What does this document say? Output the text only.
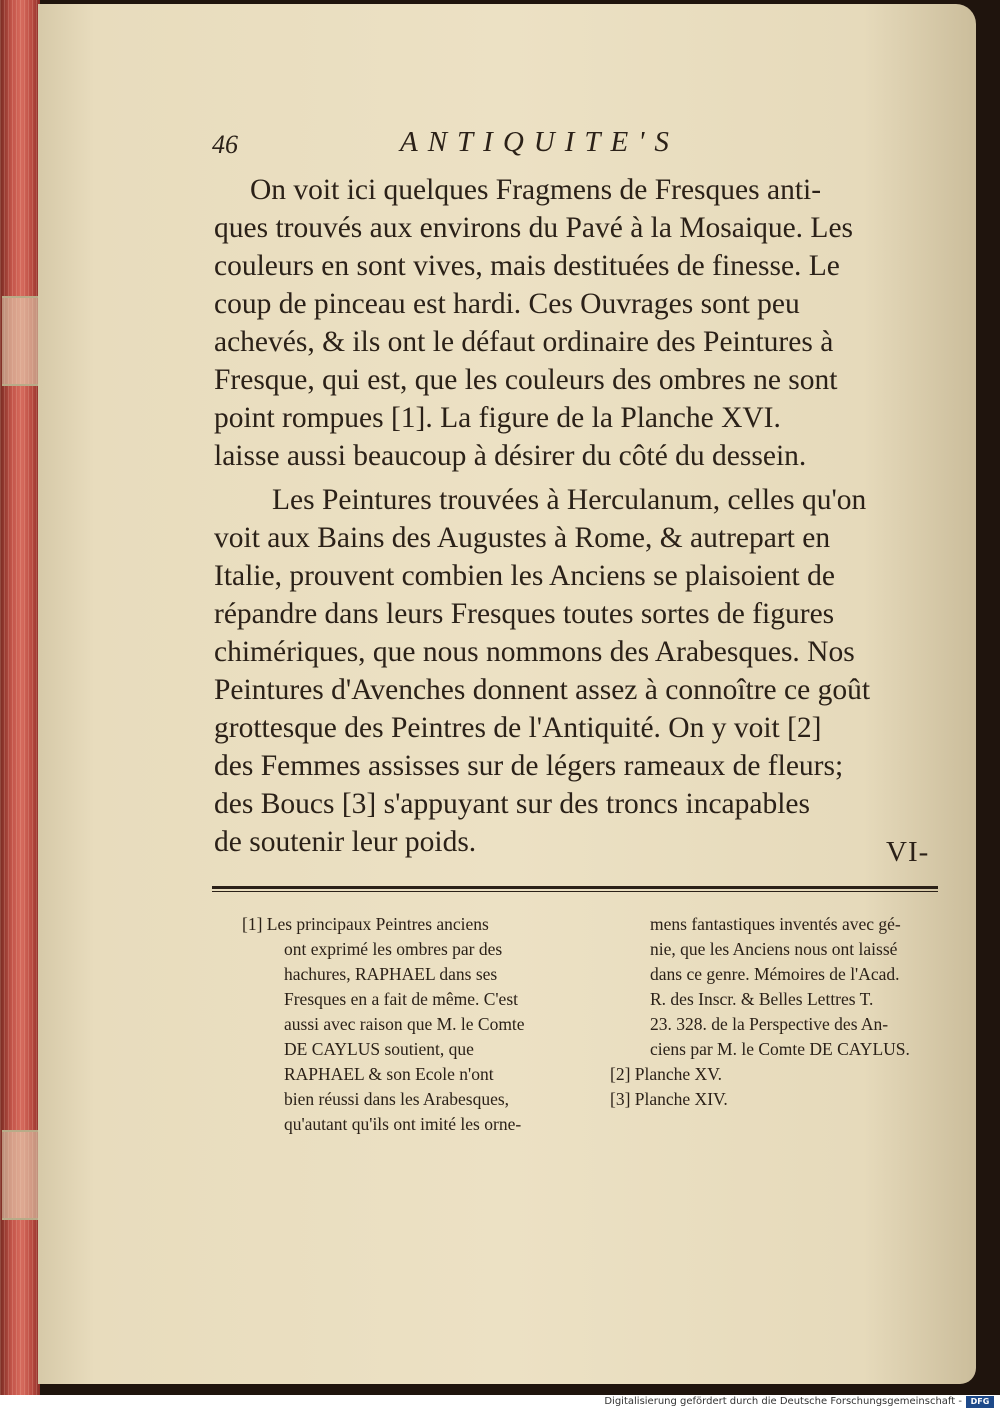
46	ANTIQUITE'S
On voit ici quelques Fragmens de Fresques anti-
ques trouvés aux environs du Pavé à la Mosaique. Les
couleurs en sont vives, mais destituées de finesse. Le
coup de pinceau est hardi. Ces Ouvrages sont peu
achevés, & ils ont le défaut ordinaire des Peintures à
Fresque, qui est, que les couleurs des ombres ne sont
point rompues [1]. La figure de la Planche XVI.
laisse aussi beaucoup à désirer du côté du dessein.
Les Peintures trouvées à Herculanum, celles qu'on
voit aux Bains des Augustes à Rome, & autrepart en
Italie, prouvent combien les Anciens se plaisoient de
répandre dans leurs Fresques toutes sortes de figures
chimériques, que nous nommons des Arabesques. Nos
Peintures d'Avenches donnent assez à connoître ce goût
grottesque des Peintres de l'Antiquité. On y voit [2]
des Femmes assisses sur de légers rameaux de fleurs;
des Boucs [3] s'appuyant sur des troncs incapables
de soutenir leur poids.	VI-
[1] Les principaux Peintres anciens
ont exprimé les ombres par des
hachures, RAPHAEL dans ses
Fresques en a fait de même. C'est
aussi avec raison que M. le Comte
DE CAYLUS soutient, que
RAPHAEL & son Ecole n'ont
bien réussi dans les Arabesques,
qu'autant qu'ils ont imité les orne-
mens fantastiques inventés avec gé-
nie, que les Anciens nous ont laissé
dans ce genre. Mémoires de l'Acad.
R. des Inscr. & Belles Lettres T.
23. 328. de la Perspective des An-
ciens par M. le Comte DE CAYLUS.
[2] Planche XV.
[3] Planche XIV.
Digitalisierung gefördert durch die Deutsche Forschungsgemeinschaft -	DFG
